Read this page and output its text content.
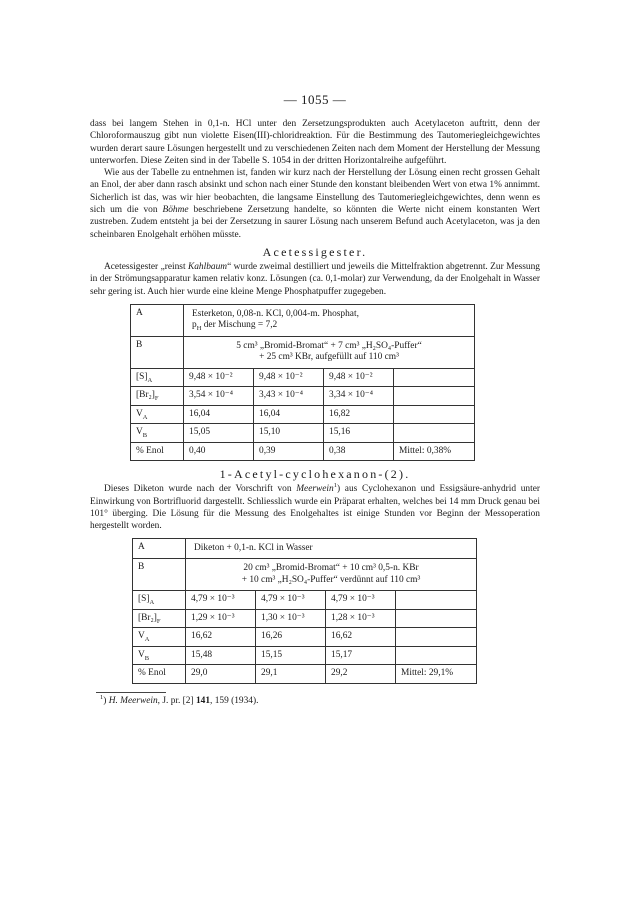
— 1055 —

dass bei langem Stehen in 0,1-n. HCl unter den Zersetzungsprodukten auch Acetylaceton auftritt, denn der Chloroformauszug gibt nun violette Eisen(III)-chloridreaktion. Für die Bestimmung des Tautomeriegleichgewichtes wurden derart saure Lösungen hergestellt und zu verschiedenen Zeiten nach dem Moment der Herstellung der Messung unterworfen. Diese Zeiten sind in der Tabelle S. 1054 in der dritten Horizontalreihe aufgeführt.

Wie aus der Tabelle zu entnehmen ist, fanden wir kurz nach der Herstellung der Lösung einen recht grossen Gehalt an Enol, der aber dann rasch absinkt und schon nach einer Stunde den konstant bleibenden Wert von etwa 1% annimmt. Sicherlich ist das, was wir hier beobachten, die langsame Einstellung des Tautomeriegleichgewichtes, denn wenn es sich um die von Böhme beschriebene Zersetzung handelte, so könnten die Werte nicht einem konstanten Wert zustreben. Zudem entsteht ja bei der Zersetzung in saurer Lösung nach unserem Befund auch Acetylaceton, was ja den scheinbaren Enolgehalt erhöhen müsste.

Acetessigester.

Acetessigester „reinst Kahlbaum“ wurde zweimal destilliert und jeweils die Mittelfraktion abgetrennt. Zur Messung in der Strömungsapparatur kamen relativ konz. Lösungen (ca. 0,1-molar) zur Verwendung, da der Enolgehalt in Wasser sehr gering ist. Auch hier wurde eine kleine Menge Phosphatpuffer zugegeben.

A	Esterketon, 0,08-n. KCl, 0,004-m. Phosphat,
$p_H$ der Mischung = 7,2			

B	5 cm³ „Bromid-Bromat“ + 7 cm³ „H₂SO₄-Puffer“
+ 25 cm³ KBr, aufgefüllt auf 110 cm³			

$[S]_A$	9,48 × 10⁻²	9,48 × 10⁻²	9,48 × 10⁻²	
$[Br_2]_F$	3,54 × 10⁻⁴	3,43 × 10⁻⁴	3,34 × 10⁻⁴	
$V_A$	16,04	16,04	16,82	
$V_B$	15,05	15,10	15,16	
% Enol	0,40	0,39	0,38	Mittel: 0,38%
1-Acetyl-cyclohexanon-(2).

Dieses Diketon wurde nach der Vorschrift von Meerwein$^1$) aus Cyclohexanon und Essigsäure-anhydrid unter Einwirkung von Bortrifluorid dargestellt. Schliesslich wurde ein Präparat erhalten, welches bei 14 mm Druck genau bei 101° überging. Die Lösung für die Messung des Enolgehaltes ist einige Stunden vor Beginn der Messoperation hergestellt worden.

A	Diketon + 0,1-n. KCl in Wasser			

B	20 cm³ „Bromid-Bromat“ + 10 cm³ 0,5-n. KBr
+ 10 cm³ „H₂SO₄-Puffer“ verdünnt auf 110 cm³			

$[S]_A$	4,79 × 10⁻³	4,79 × 10⁻³	4,79 × 10⁻³	
$[Br_2]_F$	1,29 × 10⁻³	1,30 × 10⁻³	1,28 × 10⁻³	
$V_A$	16,62	16,26	16,62	
$V_B$	15,48	15,15	15,17	
% Enol	29,0	29,1	29,2	Mittel: 29,1%
$^1$) H. Meerwein, J. pr. [2] 141, 159 (1934).
